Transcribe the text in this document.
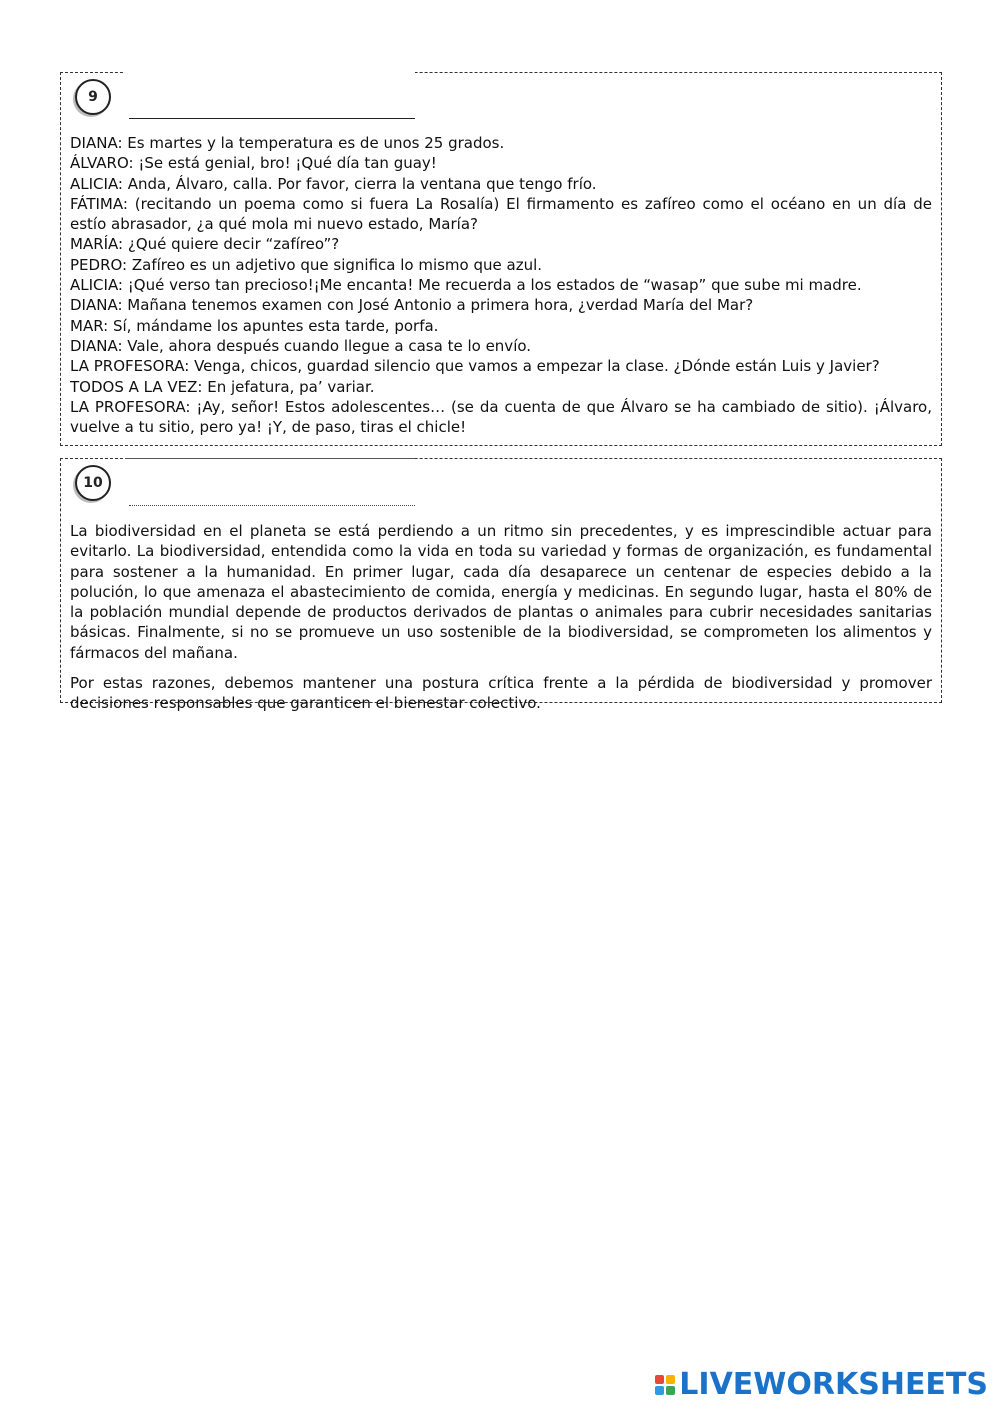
9
DIANA: Es martes y la temperatura es de unos 25 grados.
ÁLVARO: ¡Se está genial, bro! ¡Qué día tan guay!
ALICIA: Anda, Álvaro, calla. Por favor, cierra la ventana que tengo frío.
FÁTIMA: (recitando un poema como si fuera La Rosalía) El firmamento es zafíreo como el océano en un día de estío abrasador, ¿a qué mola mi nuevo estado, María?
MARÍA: ¿Qué quiere decir “zafíreo”?
PEDRO: Zafíreo es un adjetivo que significa lo mismo que azul.
ALICIA: ¡Qué verso tan precioso!¡Me encanta! Me recuerda a los estados de “wasap” que sube mi madre.
DIANA: Mañana tenemos examen con José Antonio a primera hora, ¿verdad María del Mar?
MAR: Sí, mándame los apuntes esta tarde, porfa.
DIANA: Vale, ahora después cuando llegue a casa te lo envío.
LA PROFESORA: Venga, chicos, guardad silencio que vamos a empezar la clase. ¿Dónde están Luis y Javier?
TODOS A LA VEZ: En jefatura, pa’ variar.
LA PROFESORA: ¡Ay, señor! Estos adolescentes… (se da cuenta de que Álvaro se ha cambiado de sitio). ¡Álvaro, vuelve a tu sitio, pero ya! ¡Y, de paso, tiras el chicle!
10

La biodiversidad en el planeta se está perdiendo a un ritmo sin precedentes, y es imprescindible actuar para evitarlo. La biodiversidad, entendida como la vida en toda su variedad y formas de organización, es fundamental para sostener a la humanidad. En primer lugar, cada día desaparece un centenar de especies debido a la polución, lo que amenaza el abastecimiento de comida, energía y medicinas. En segundo lugar, hasta el 80% de la población mundial depende de productos derivados de plantas o animales para cubrir necesidades sanitarias básicas. Finalmente, si no se promueve un uso sostenible de la biodiversidad, se comprometen los alimentos y fármacos del mañana.

Por estas razones, debemos mantener una postura crítica frente a la pérdida de biodiversidad y promover decisiones responsables que garanticen el bienestar colectivo.

LIVEWORKSHEETS
